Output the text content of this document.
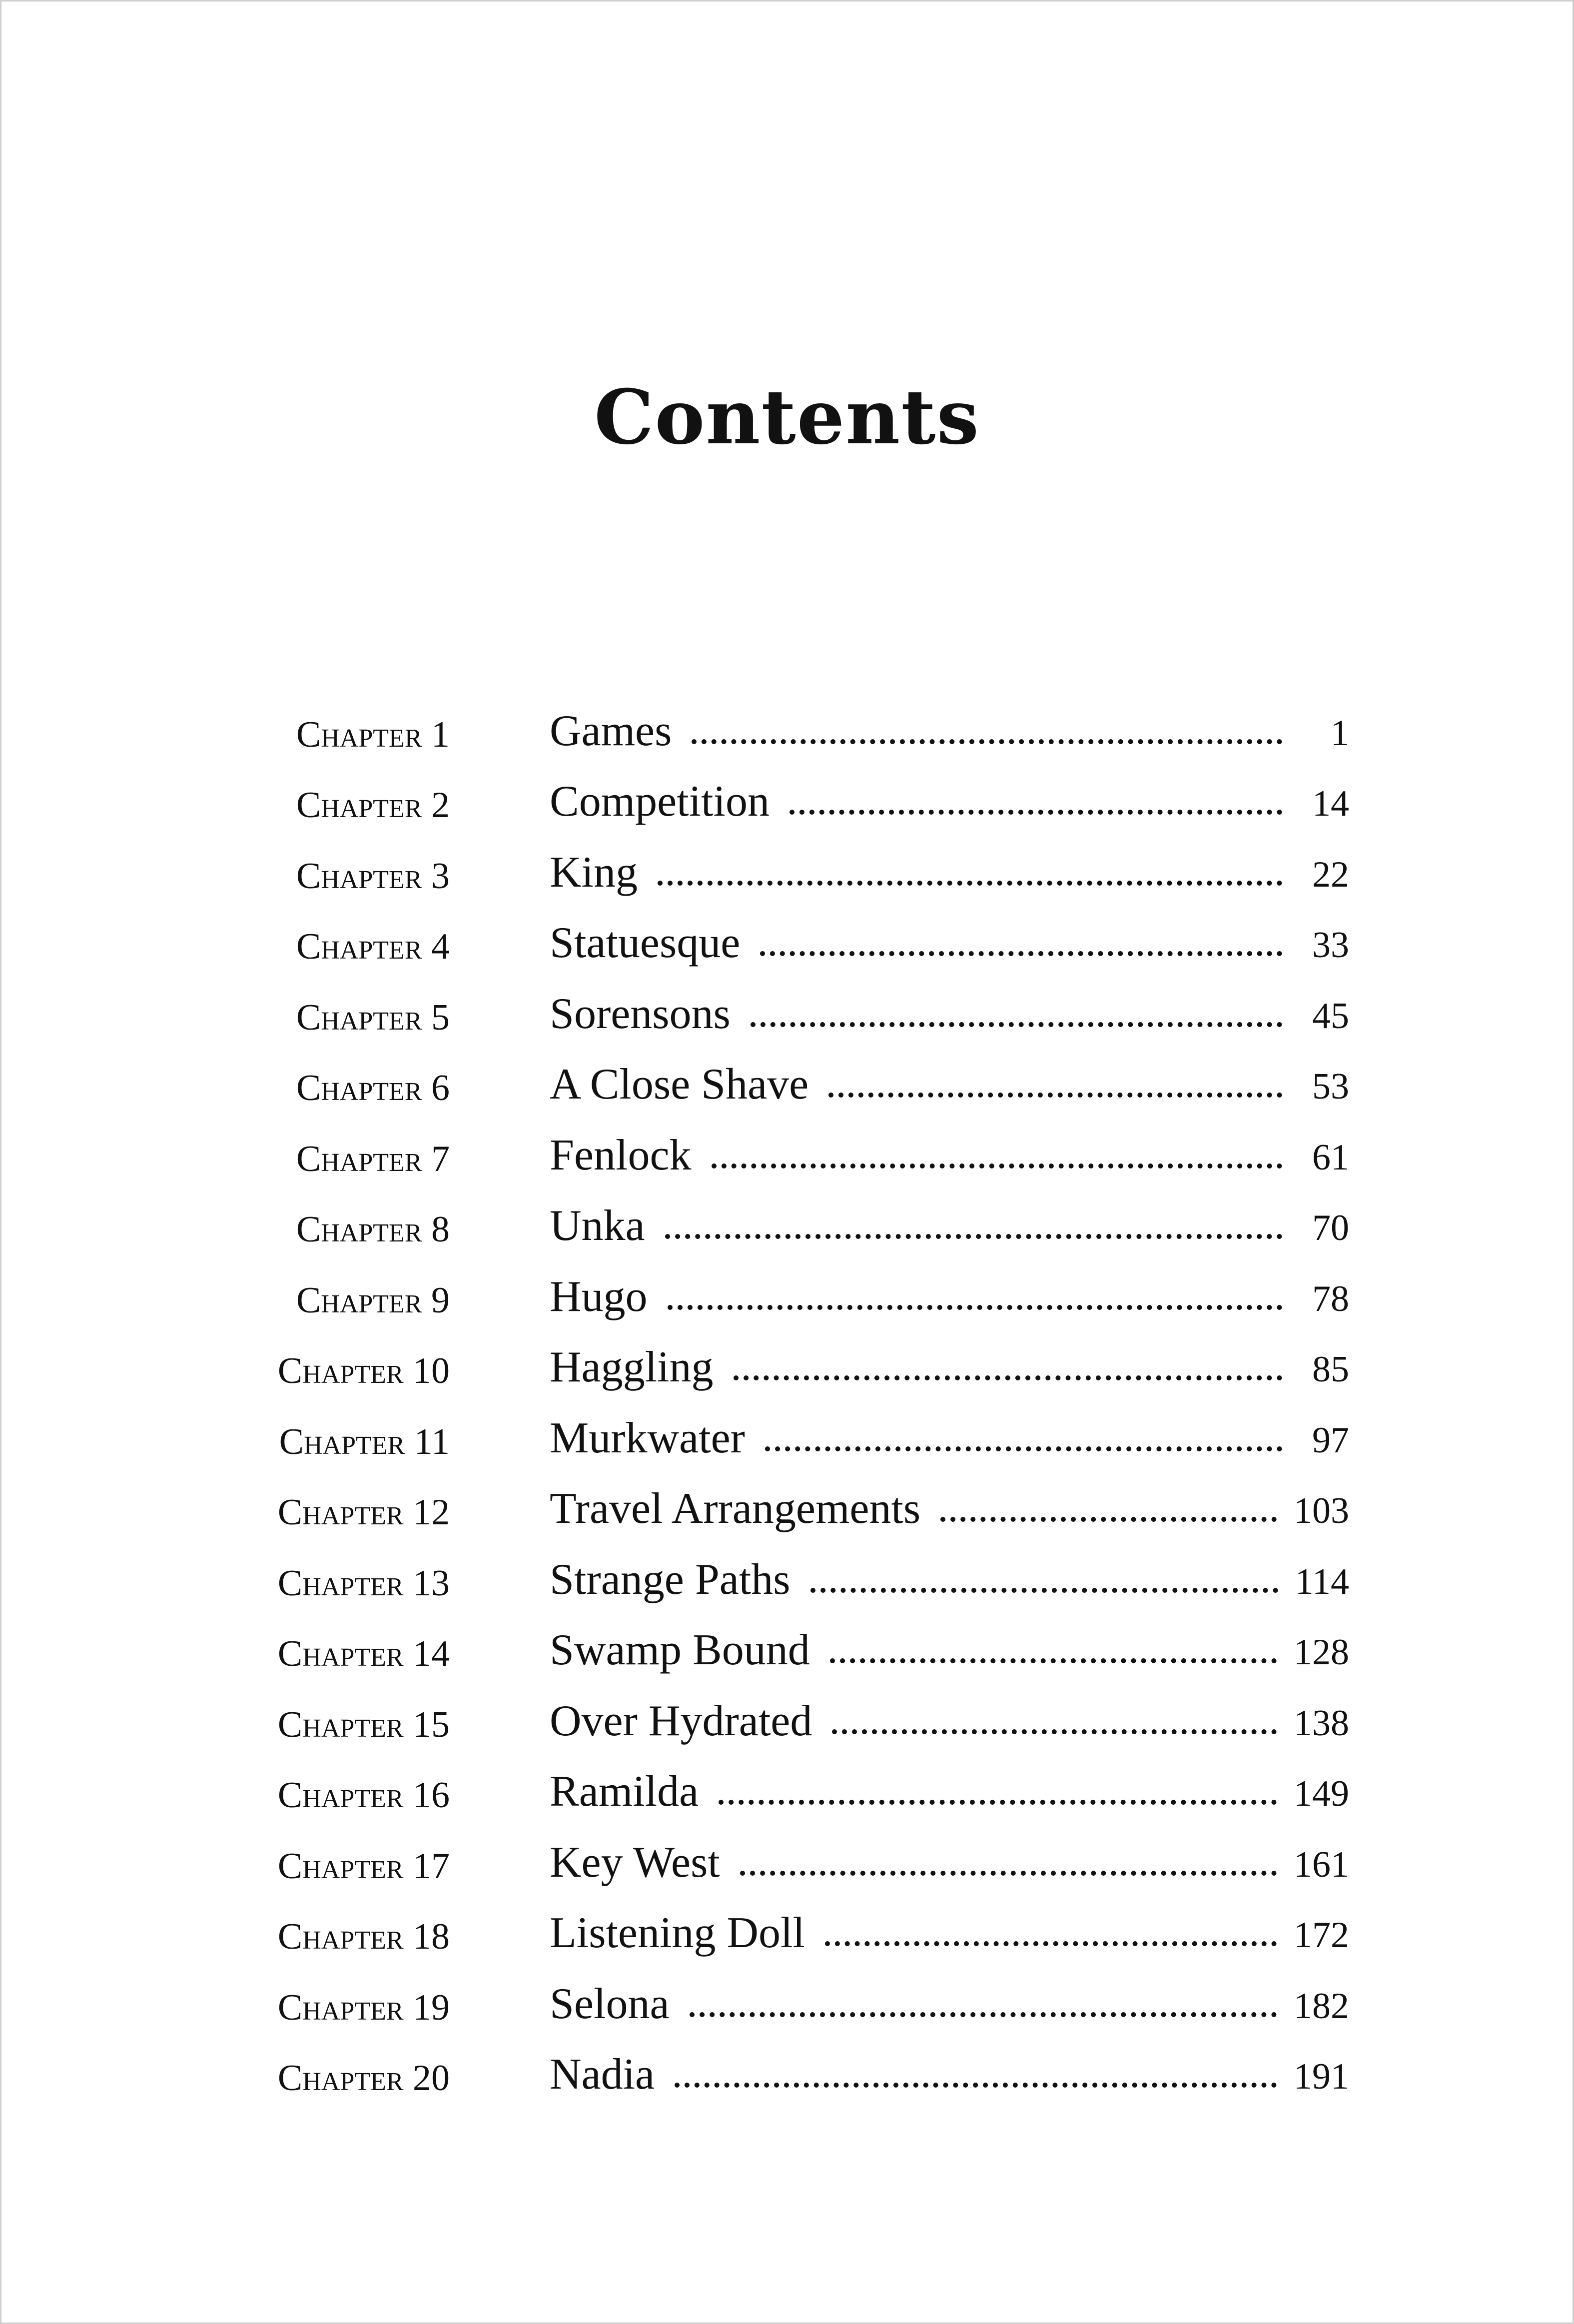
Contents
Chapter 1 Games	1
Chapter 2 Competition	14
Chapter 3 King	22
Chapter 4 Statuesque	33
Chapter 5 Sorensons	45
Chapter 6 A Close Shave	53
Chapter 7 Fenlock	61
Chapter 8 Unka	70
Chapter 9 Hugo	78
Chapter 10 Haggling	85
Chapter 11 Murkwater	97
Chapter 12 Travel Arrangements	103
Chapter 13 Strange Paths	114
Chapter 14 Swamp Bound	128
Chapter 15 Over Hydrated	138
Chapter 16 Ramilda	149
Chapter 17 Key West	161
Chapter 18 Listening Doll	172
Chapter 19 Selona	182
Chapter 20 Nadia	191
